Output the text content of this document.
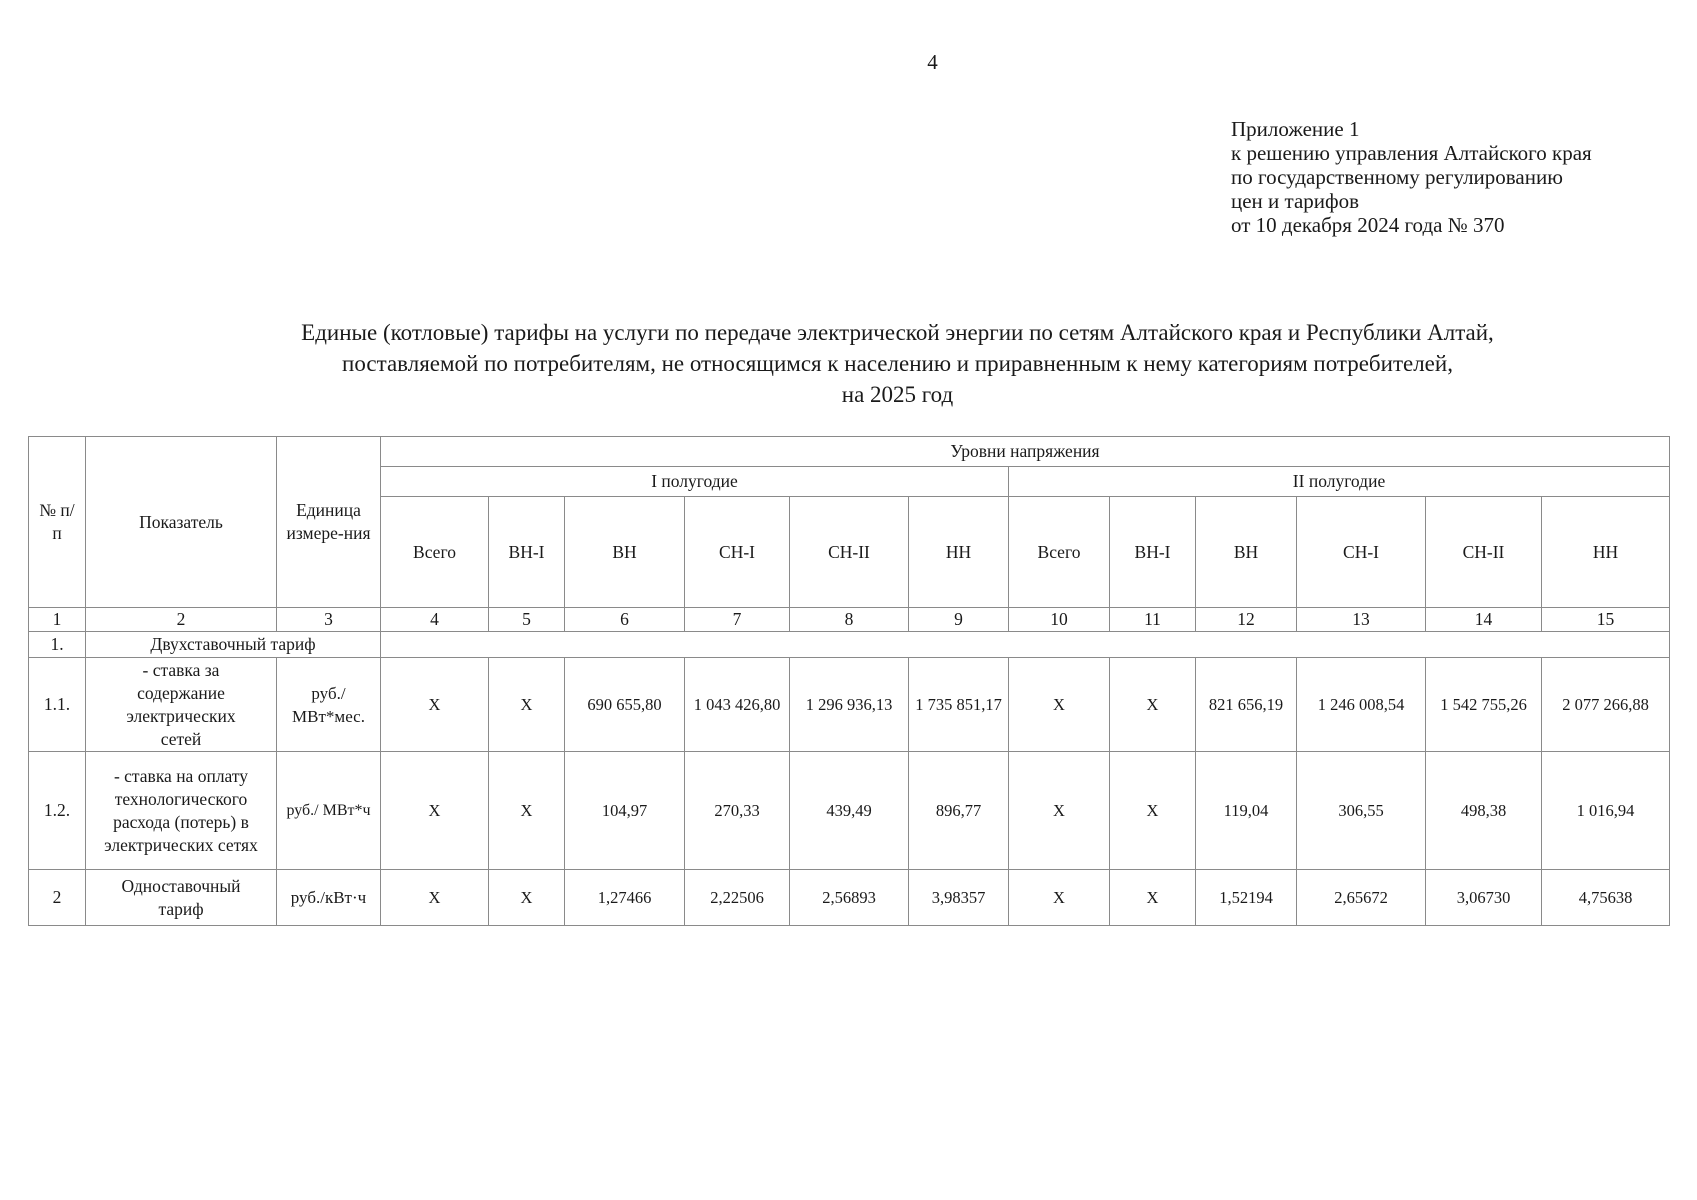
4
Приложение 1
к решению управления Алтайского края
по государственному регулированию
цен и тарифов
от 10 декабря 2024 года № 370
Единые (котловые) тарифы на услуги по передаче электрической энергии по сетям Алтайского края и Республики Алтай,
поставляемой по потребителям, не относящимся к населению и приравненным к нему категориям потребителей,
на 2025 год
№ п/п	Показатель	Единица измере-ния	Уровни напряжения											
			I полугодие						II полугодие					
			Всего	ВН-I	ВН	СН-I	СН-II	НН	Всего	ВН-I	ВН	СН-I	СН-II	НН
1	2	3	4	5	6	7	8	9	10	11	12	13	14	15
1.	Двухставочный тариф													
1.1.	- ставка за содержание электрических сетей	руб./ МВт*мес.	Х	Х	690 655,80	1 043 426,80	1 296 936,13	1 735 851,17	Х	Х	821 656,19	1 246 008,54	1 542 755,26	2 077 266,88
1.2.	- ставка на оплату технологического расхода (потерь) в электрических сетях	руб./ МВт*ч	Х	Х	104,97	270,33	439,49	896,77	Х	Х	119,04	306,55	498,38	1 016,94
2	Одноставочный тариф	руб./кВт·ч	Х	Х	1,27466	2,22506	2,56893	3,98357	Х	Х	1,52194	2,65672	3,06730	4,75638
